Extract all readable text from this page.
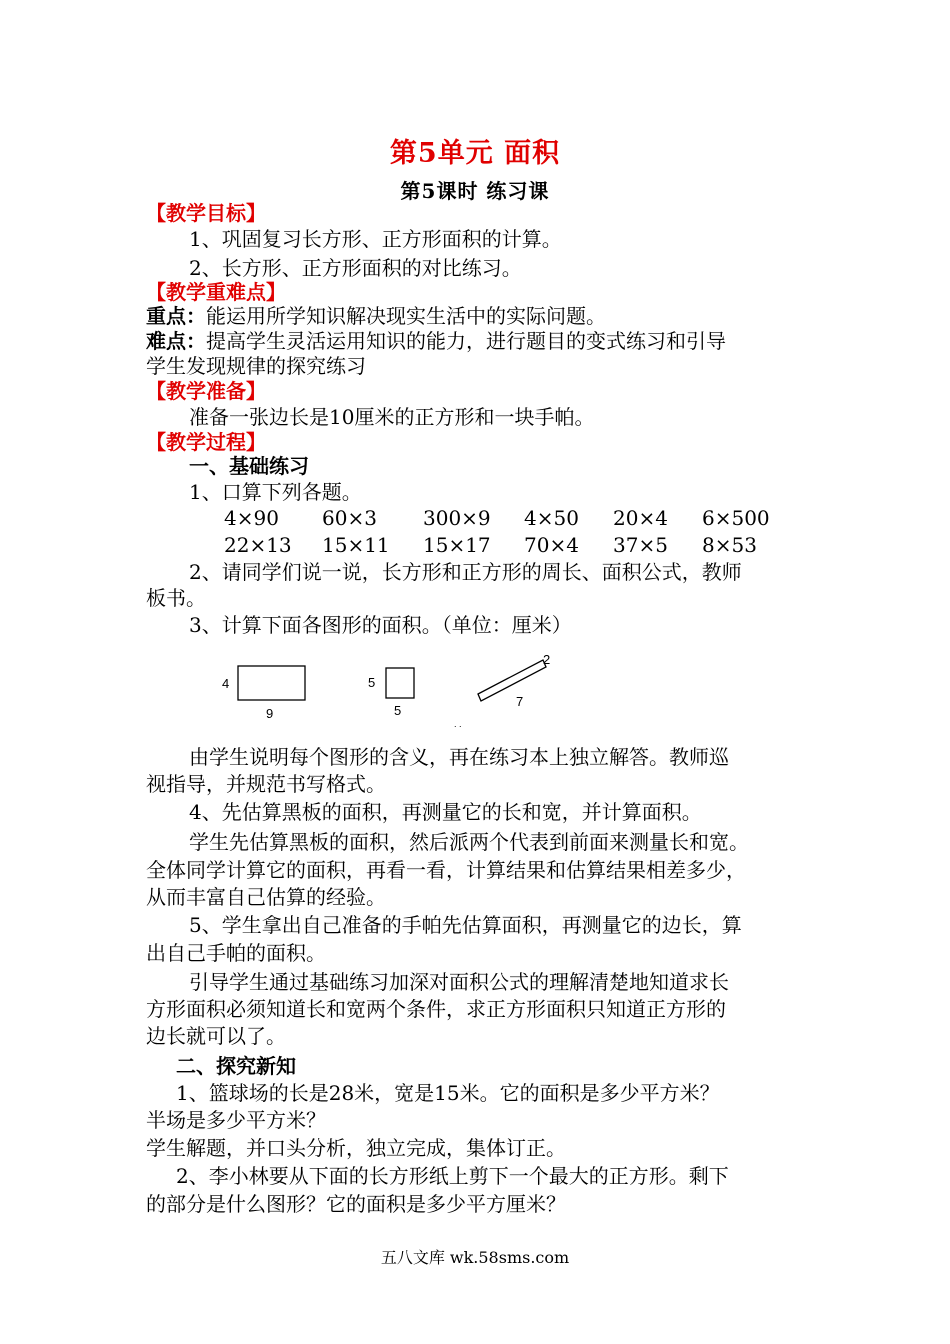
第5单元 面积
第5课时 练习课
【教学目标】
1、巩固复习长方形、正方形面积的计算。
2、长方形、正方形面积的对比练习。
【教学重难点】
重点：能运用所学知识解决现实生活中的实际问题。
难点：提高学生灵活运用知识的能力，进行题目的变式练习和引导
学生发现规律的探究练习
【教学准备】
准备一张边长是10厘米的正方形和一块手帕。
【教学过程】
一、基础练习
1、口算下列各题。
4×90 60×3 300×9 4×50 20×4 6×500
22×13 15×11 15×17 70×4 37×5 8×53
2、请同学们说一说，长方形和正方形的周长、面积公式，教师
板书。
3、计算下面各图形的面积。（单位：厘米）
4
9
5
5
2
7
. .
由学生说明每个图形的含义，再在练习本上独立解答。教师巡
视指导，并规范书写格式。
4、先估算黑板的面积，再测量它的长和宽，并计算面积。
学生先估算黑板的面积，然后派两个代表到前面来测量长和宽。
全体同学计算它的面积，再看一看，计算结果和估算结果相差多少，
从而丰富自己估算的经验。
5、学生拿出自己准备的手帕先估算面积，再测量它的边长，算
出自己手帕的面积。
引导学生通过基础练习加深对面积公式的理解清楚地知道求长
方形面积必须知道长和宽两个条件，求正方形面积只知道正方形的
边长就可以了。
二、探究新知
1、篮球场的长是28米，宽是15米。它的面积是多少平方米？
半场是多少平方米？
学生解题，并口头分析，独立完成，集体订正。
2、李小林要从下面的长方形纸上剪下一个最大的正方形。剩下
的部分是什么图形？它的面积是多少平方厘米？
五八文库 wk.58sms.com
